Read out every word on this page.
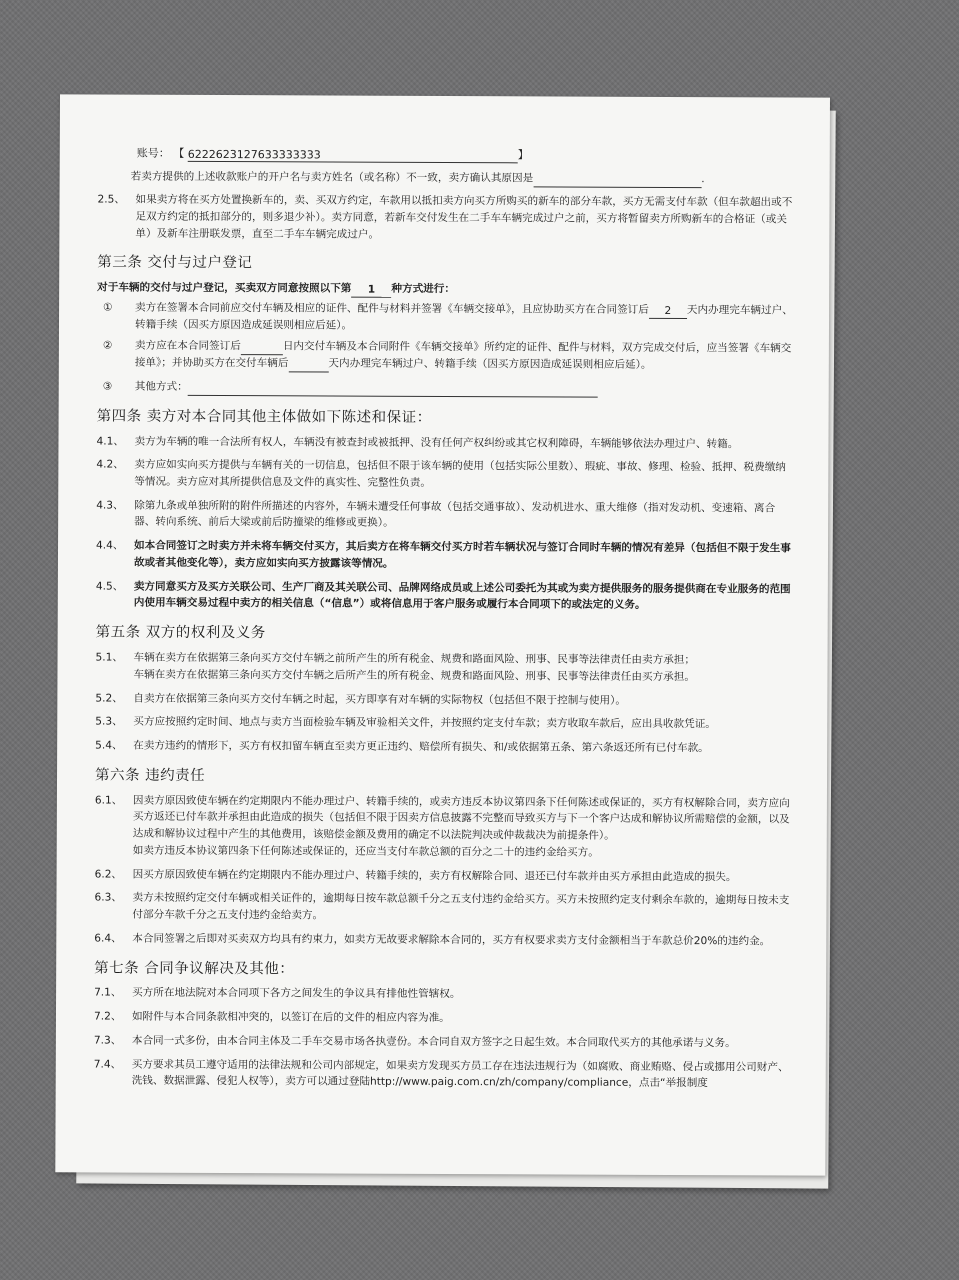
账号： 【 6222623127633333333	】
若卖方提供的上述收款账户的开户名与卖方姓名（或名称）不一致，卖方确认其原因是	.
2.5、 如果卖方将在买方处置换新车的，卖、买双方约定，车款用以抵扣卖方向买方所购买的新车的部分车款，买方无需支付车款（但车款超出或不足双方约定的抵扣部分的，则多退少补）。卖方同意，若新车交付发生在二手车车辆完成过户之前，买方将暂留卖方所购新车的合格证（或关单）及新车注册联发票，直至二手车车辆完成过户。
第三条 交付与过户登记
对于车辆的交付与过户登记，买卖双方同意按照以下第 1 种方式进行：
①	卖方在签署本合同前应交付车辆及相应的证件、配件与材料并签署《车辆交接单》，且应协助买方在合同签订后 2 天内办理完车辆过户、转籍手续（因买方原因造成延误则相应后延）。
②	卖方应在本合同签订后	日内交付车辆及本合同附件《车辆交接单》所约定的证件、配件与材料，双方完成交付后，应当签署《车辆交接单》；并协助买方在交付车辆后	天内办理完车辆过户、转籍手续（因买方原因造成延误则相应后延）。
③	其他方式：
第四条 卖方对本合同其他主体做如下陈述和保证：
4.1、 卖方为车辆的唯一合法所有权人，车辆没有被查封或被抵押、没有任何产权纠纷或其它权利障碍，车辆能够依法办理过户、转籍。
4.2、 卖方应如实向买方提供与车辆有关的一切信息，包括但不限于该车辆的使用（包括实际公里数）、瑕疵、事故、修理、检验、抵押、税费缴纳等情况。卖方应对其所提供信息及文件的真实性、完整性负责。
4.3、 除第九条或单独所附的附件所描述的内容外，车辆未遭受任何事故（包括交通事故）、发动机进水、重大维修（指对发动机、变速箱、离合器、转向系统、前后大梁或前后防撞梁的维修或更换）。
4.4、 如本合同签订之时卖方并未将车辆交付买方，其后卖方在将车辆交付买方时若车辆状况与签订合同时车辆的情况有差异（包括但不限于发生事故或者其他变化等），卖方应如实向买方披露该等情况。
4.5、 卖方同意买方及买方关联公司、生产厂商及其关联公司、品牌网络成员或上述公司委托为其或为卖方提供服务的服务提供商在专业服务的范围内使用车辆交易过程中卖方的相关信息（“信息”）或将信息用于客户服务或履行本合同项下的或法定的义务。
第五条 双方的权利及义务
5.1、 车辆在卖方在依据第三条向买方交付车辆之前所产生的所有税金、规费和路面风险、刑事、民事等法律责任由卖方承担；
车辆在卖方在依据第三条向买方交付车辆之后所产生的所有税金、规费和路面风险、刑事、民事等法律责任由买方承担。
5.2、 自卖方在依据第三条向买方交付车辆之时起，买方即享有对车辆的实际物权（包括但不限于控制与使用）。
5.3、 买方应按照约定时间、地点与卖方当面检验车辆及审验相关文件，并按照约定支付车款；卖方收取车款后，应出具收款凭证。
5.4、 在卖方违约的情形下，买方有权扣留车辆直至卖方更正违约、赔偿所有损失、和/或依据第五条、第六条返还所有已付车款。
第六条 违约责任
6.1、 因卖方原因致使车辆在约定期限内不能办理过户、转籍手续的，或卖方违反本协议第四条下任何陈述或保证的，买方有权解除合同，卖方应向买方返还已付车款并承担由此造成的损失（包括但不限于因卖方信息披露不完整而导致买方与下一个客户达成和解协议所需赔偿的金额，以及达成和解协议过程中产生的其他费用，该赔偿金额及费用的确定不以法院判决或仲裁裁决为前提条件）。
如卖方违反本协议第四条下任何陈述或保证的，还应当支付车款总额的百分之二十的违约金给买方。
6.2、 因买方原因致使车辆在约定期限内不能办理过户、转籍手续的，卖方有权解除合同、退还已付车款并由买方承担由此造成的损失。
6.3、 卖方未按照约定交付车辆或相关证件的，逾期每日按车款总额千分之五支付违约金给买方。买方未按照约定支付剩余车款的，逾期每日按未支付部分车款千分之五支付违约金给卖方。
6.4、 本合同签署之后即对买卖双方均具有约束力，如卖方无故要求解除本合同的，买方有权要求卖方支付金额相当于车款总价20%的违约金。
第七条 合同争议解决及其他：
7.1、 买方所在地法院对本合同项下各方之间发生的争议具有排他性管辖权。
7.2、 如附件与本合同条款相冲突的，以签订在后的文件的相应内容为准。
7.3、 本合同一式多份，由本合同主体及二手车交易市场各执壹份。本合同自双方签字之日起生效。本合同取代买方的其他承诺与义务。
7.4、 买方要求其员工遵守适用的法律法规和公司内部规定，如果卖方发现买方员工存在违法违规行为（如腐败、商业贿赂、侵占或挪用公司财产、洗钱、数据泄露、侵犯人权等），卖方可以通过登陆http://www.paig.com.cn/zh/company/compliance，点击“举报制度
